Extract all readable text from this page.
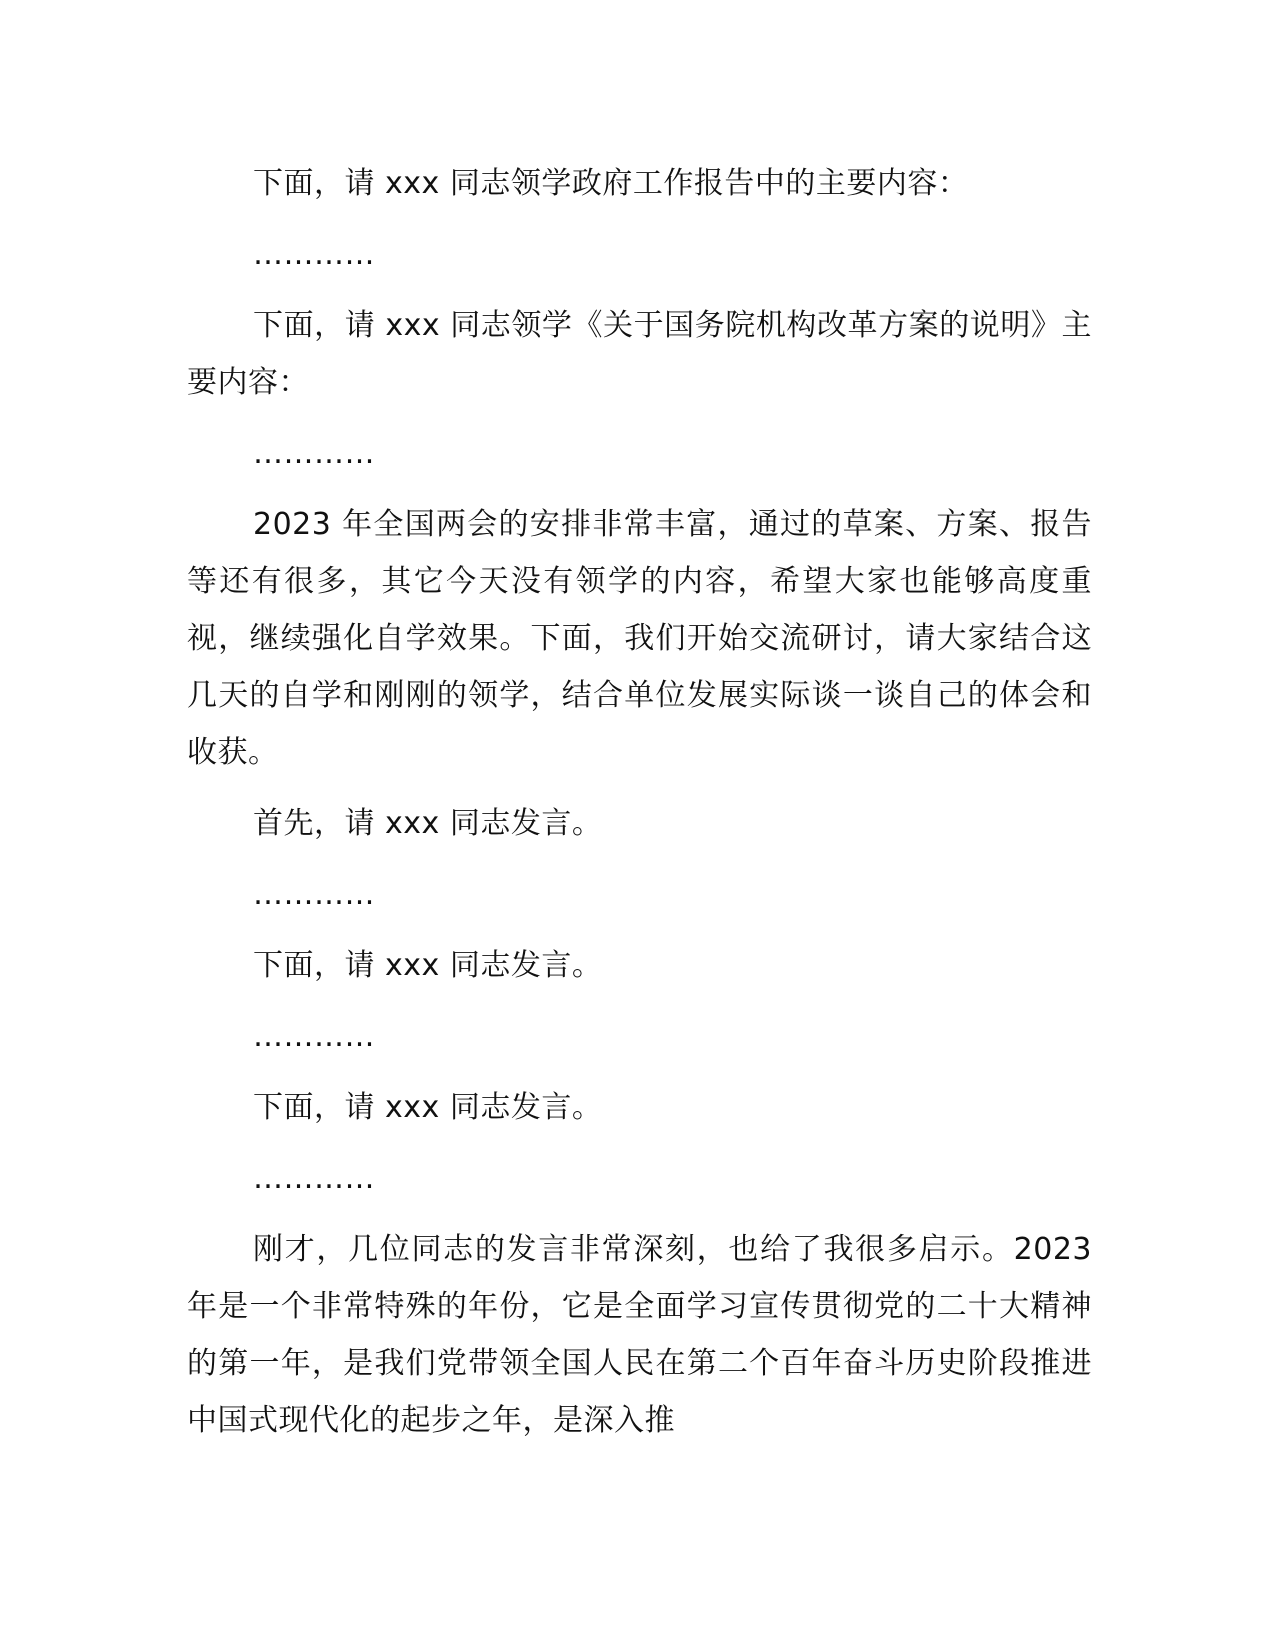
下面，请 xxx 同志领学政府工作报告中的主要内容：

…………

下面，请 xxx 同志领学《关于国务院机构改革方案的说明》主要内容：

…………

2023 年全国两会的安排非常丰富，通过的草案、方案、报告等还有很多，其它今天没有领学的内容，希望大家也能够高度重视，继续强化自学效果。下面，我们开始交流研讨，请大家结合这几天的自学和刚刚的领学，结合单位发展实际谈一谈自己的体会和收获。

首先，请 xxx 同志发言。

…………

下面，请 xxx 同志发言。

…………

下面，请 xxx 同志发言。

…………

刚才，几位同志的发言非常深刻，也给了我很多启示。2023 年是一个非常特殊的年份，它是全面学习宣传贯彻党的二十大精神的第一年，是我们党带领全国人民在第二个百年奋斗历史阶段推进中国式现代化的起步之年，是深入推
